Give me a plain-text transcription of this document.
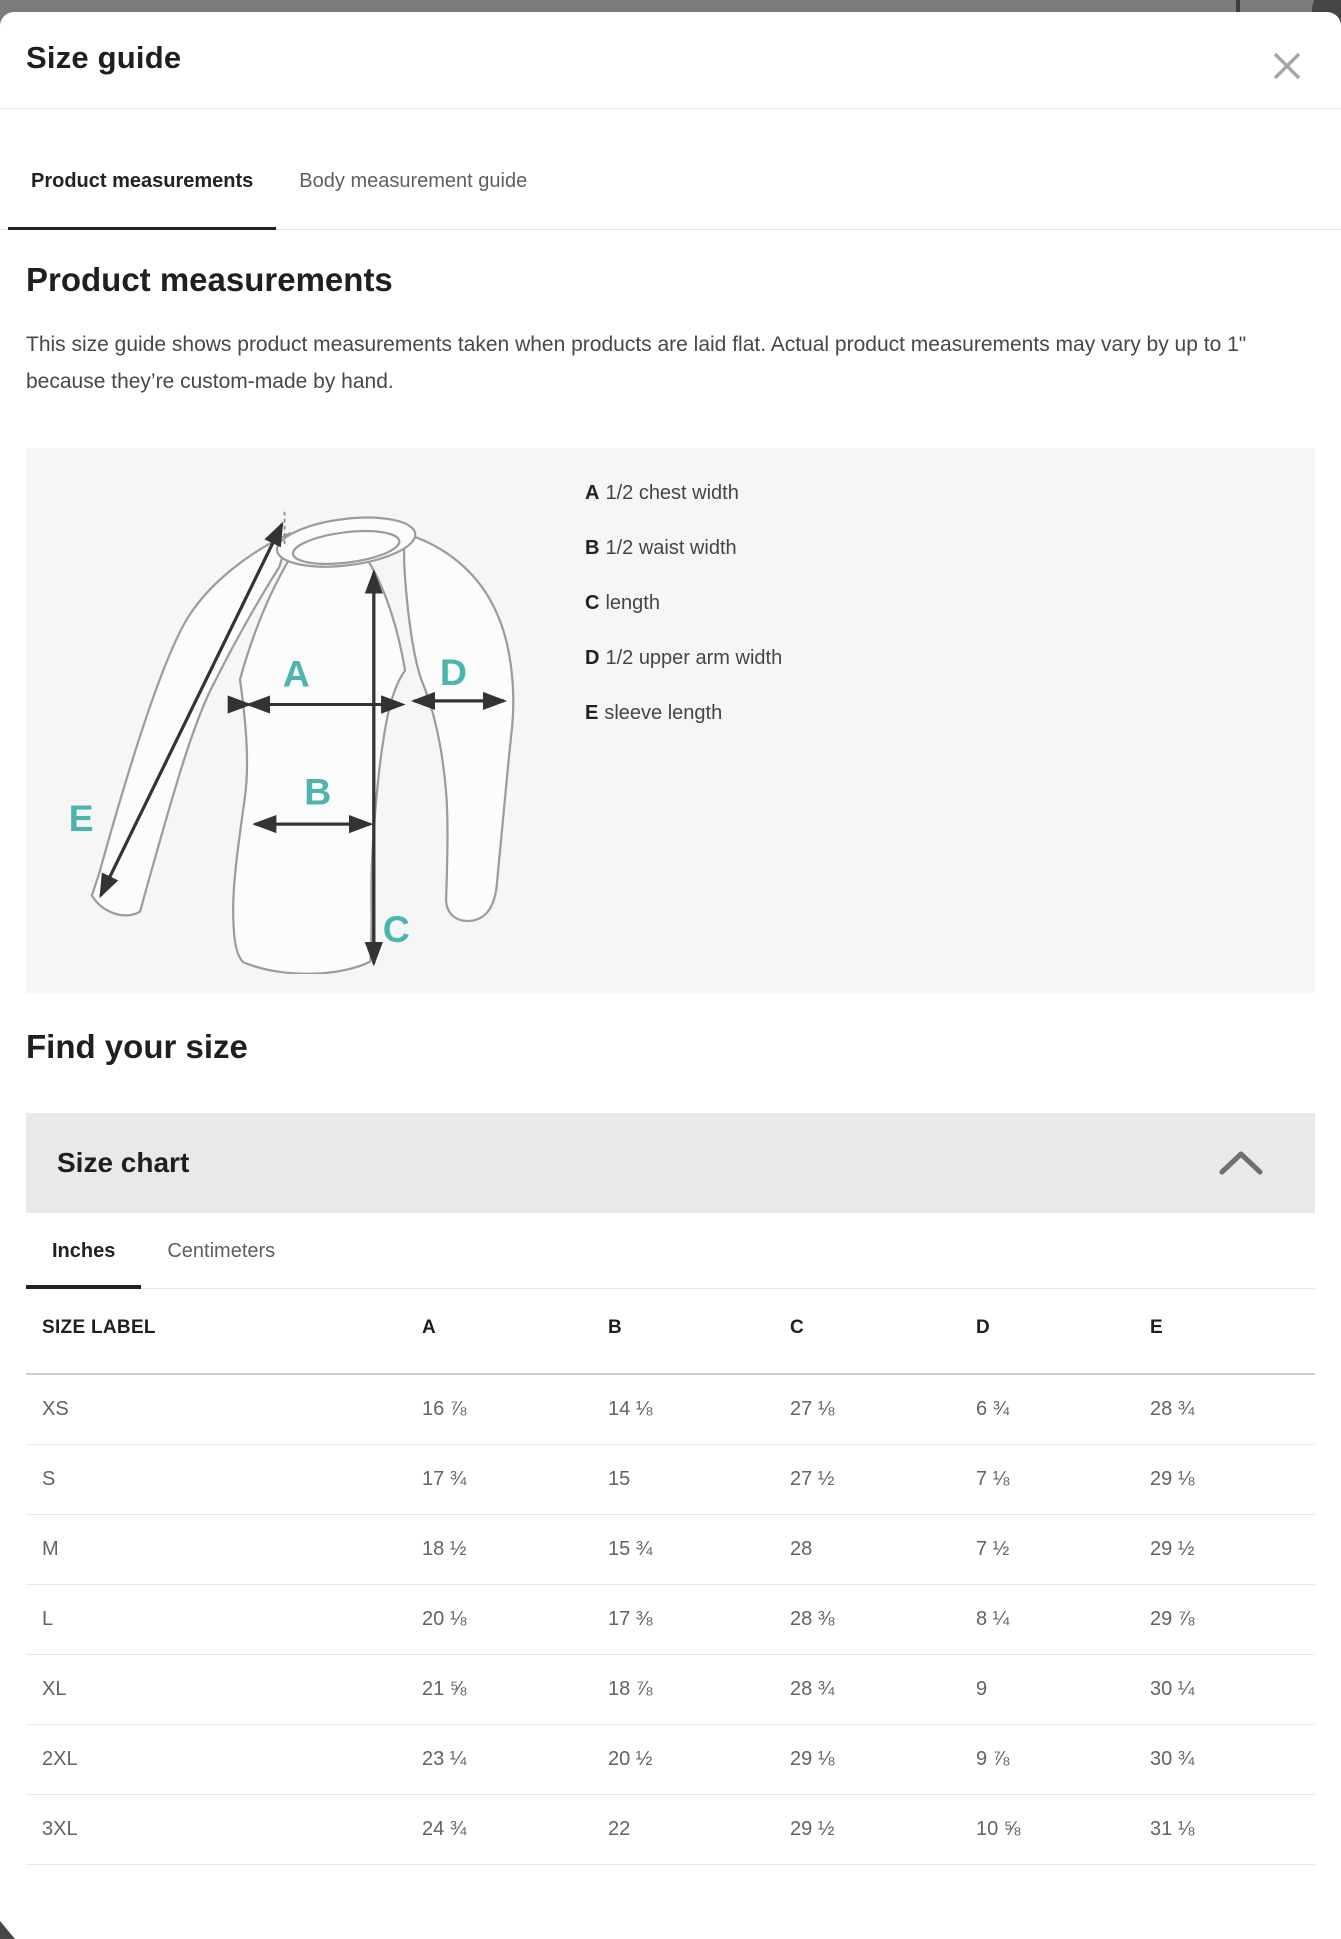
Size guide
Product measurements	Body measurement guide
Product measurements

This size guide shows product measurements taken when products are laid flat. Actual product measurements may vary by up to 1" because they’re custom-made by hand.

A
B
C
D
E
A 1/2 chest width
B 1/2 waist width
C length
D 1/2 upper arm width
E sleeve length
Find your size
Size chart
Inches	Centimeters
SIZE LABEL	A	B	C	D	E
XS	16 ⅞	14 ⅛	27 ⅛	6 ¾	28 ¾
S	17 ¾	15	27 ½	7 ⅛	29 ⅛
M	18 ½	15 ¾	28	7 ½	29 ½
L	20 ⅛	17 ⅜	28 ⅜	8 ¼	29 ⅞
XL	21 ⅝	18 ⅞	28 ¾	9	30 ¼
2XL	23 ¼	20 ½	29 ⅛	9 ⅞	30 ¾
3XL	24 ¾	22	29 ½	10 ⅝	31 ⅛
